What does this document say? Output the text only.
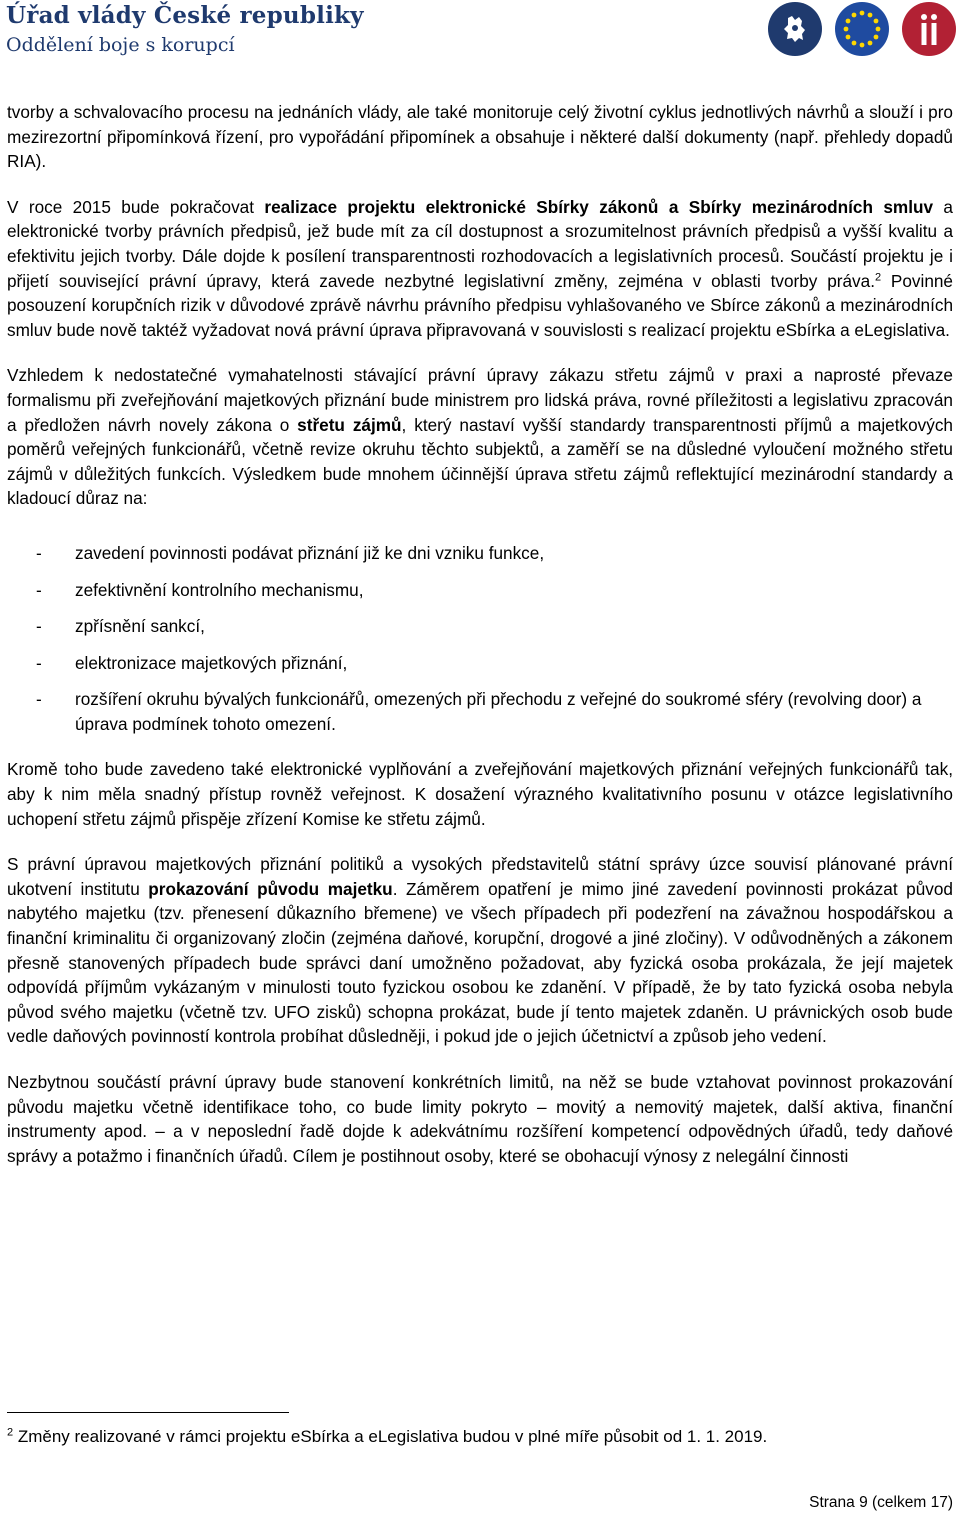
Úřad vlády České republiky
Oddělení boje s korupcí

tvorby a schvalovacího procesu na jednáních vlády, ale také monitoruje celý životní cyklus jednotlivých návrhů a slouží i pro mezirezortní připomínková řízení, pro vypořádání připomínek a obsahuje i některé další dokumenty (např. přehledy dopadů RIA).

V roce 2015 bude pokračovat realizace projektu elektronické Sbírky zákonů a Sbírky mezinárodních smluv a elektronické tvorby právních předpisů, jež bude mít za cíl dostupnost a srozumitelnost právních předpisů a vyšší kvalitu a efektivitu jejich tvorby. Dále dojde k posílení transparentnosti rozhodovacích a legislativních procesů. Součástí projektu je i přijetí související právní úpravy, která zavede nezbytné legislativní změny, zejména v oblasti tvorby práva.$^2$ Povinné posouzení korupčních rizik v důvodové zprávě návrhu právního předpisu vyhlašovaného ve Sbírce zákonů a mezinárodních smluv bude nově taktéž vyžadovat nová právní úprava připravovaná v souvislosti s realizací projektu eSbírka a eLegislativa.

Vzhledem k nedostatečné vymahatelnosti stávající právní úpravy zákazu střetu zájmů v praxi a naprosté převaze formalismu při zveřejňování majetkových přiznání bude ministrem pro lidská práva, rovné příležitosti a legislativu zpracován a předložen návrh novely zákona o střetu zájmů, který nastaví vyšší standardy transparentnosti příjmů a majetkových poměrů veřejných funkcionářů, včetně revize okruhu těchto subjektů, a zaměří se na důsledné vyloučení možného střetu zájmů v důležitých funkcích. Výsledkem bude mnohem účinnější úprava střetu zájmů reflektující mezinárodní standardy a kladoucí důraz na:

- zavedení povinnosti podávat přiznání již ke dni vzniku funkce,
- zefektivnění kontrolního mechanismu,
- zpřísnění sankcí,
- elektronizace majetkových přiznání,
- rozšíření okruhu bývalých funkcionářů, omezených při přechodu z veřejné do soukromé sféry (revolving door) a úprava podmínek tohoto omezení.

Kromě toho bude zavedeno také elektronické vyplňování a zveřejňování majetkových přiznání veřejných funkcionářů tak, aby k nim měla snadný přístup rovněž veřejnost. K dosažení výrazného kvalitativního posunu v otázce legislativního uchopení střetu zájmů přispěje zřízení Komise ke střetu zájmů.

S právní úpravou majetkových přiznání politiků a vysokých představitelů státní správy úzce souvisí plánované právní ukotvení institutu prokazování původu majetku. Záměrem opatření je mimo jiné zavedení povinnosti prokázat původ nabytého majetku (tzv. přenesení důkazního břemene) ve všech případech při podezření na závažnou hospodářskou a finanční kriminalitu či organizovaný zločin (zejména daňové, korupční, drogové a jiné zločiny). V odůvodněných a zákonem přesně stanovených případech bude správci daní umožněno požadovat, aby fyzická osoba prokázala, že její majetek odpovídá příjmům vykázaným v minulosti touto fyzickou osobou ke zdanění. V případě, že by tato fyzická osoba nebyla původ svého majetku (včetně tzv. UFO zisků) schopna prokázat, bude jí tento majetek zdaněn. U právnických osob bude vedle daňových povinností kontrola probíhat důsledněji, i pokud jde o jejich účetnictví a způsob jeho vedení.

Nezbytnou součástí právní úpravy bude stanovení konkrétních limitů, na něž se bude vztahovat povinnost prokazování původu majetku včetně identifikace toho, co bude limity pokryto – movitý a nemovitý majetek, další aktiva, finanční instrumenty apod. – a v neposlední řadě dojde k adekvátnímu rozšíření kompetencí odpovědných úřadů, tedy daňové správy a potažmo i finančních úřadů. Cílem je postihnout osoby, které se obohacují výnosy z nelegální činnosti

$^2$ Změny realizované v rámci projektu eSbírka a eLegislativa budou v plné míře působit od 1. 1. 2019.
Strana 9 (celkem 17)
